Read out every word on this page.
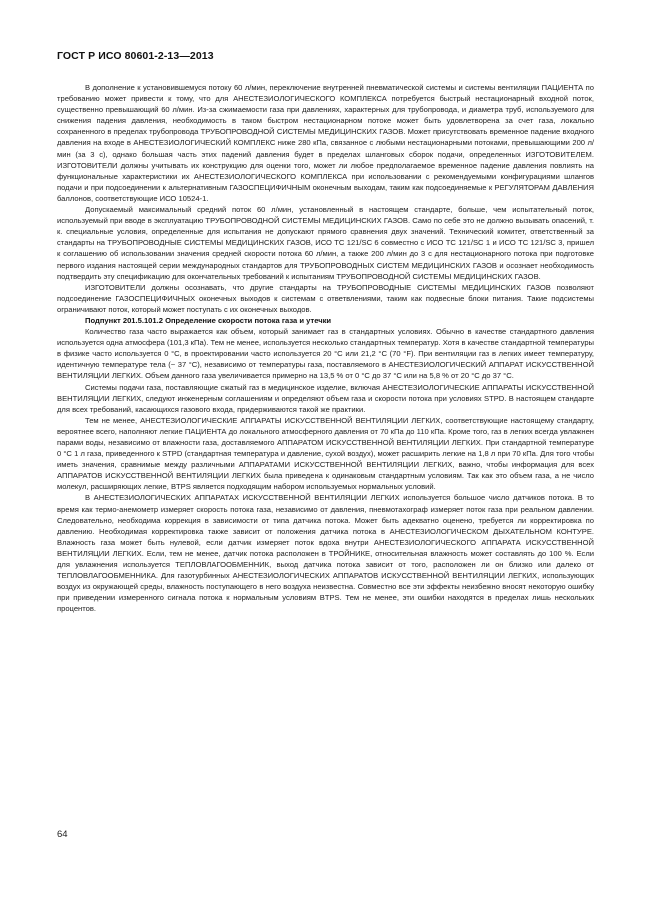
ГОСТ Р ИСО 80601-2-13—2013

В дополнение к установившемуся потоку 60 л/мин, переключение внутренней пневматической системы и системы вентиляции ПАЦИЕНТА по требованию может привести к тому, что для АНЕСТЕЗИОЛОГИЧЕСКОГО КОМПЛЕКСА потребуется быстрый нестационарный входной поток, существенно превышающий 60 л/мин. Из-за сжимаемости газа при давлениях, характерных для трубопровода, и диаметра труб, используемого для снижения падения давления, необходимость в таком быстром нестационарном потоке может быть удовлетворена за счет газа, локально сохраненного в пределах трубопровода ТРУБОПРОВОДНОЙ СИСТЕМЫ МЕДИЦИНСКИХ ГАЗОВ. Может присутствовать временное падение входного давления на входе в АНЕСТЕЗИОЛОГИЧЕСКИЙ КОМПЛЕКС ниже 280 кПа, связанное с любыми нестационарными потоками, превышающими 200 л/мин (за 3 с), однако большая часть этих падений давления будет в пределах шланговых сборок подачи, определенных ИЗГОТОВИТЕЛЕМ. ИЗГОТОВИТЕЛИ должны учитывать их конструкцию для оценки того, может ли любое предполагаемое временное падение давления повлиять на функциональные характеристики их АНЕСТЕЗИОЛОГИЧЕСКОГО КОМПЛЕКСА при использовании с рекомендуемыми конфигурациями шлангов подачи и при подсоединении к альтернативным ГАЗОСПЕЦИФИЧНЫМ оконечным выходам, таким как подсоединяемые к РЕГУЛЯТОРАМ ДАВЛЕНИЯ баллонов, соответствующие ИСО 10524-1.

Допускаемый максимальный средний поток 60 л/мин, установленный в настоящем стандарте, больше, чем испытательный поток, используемый при вводе в эксплуатацию ТРУБОПРОВОДНОЙ СИСТЕМЫ МЕДИЦИНСКИХ ГАЗОВ. Само по себе это не должно вызывать опасений, т. к. специальные условия, определенные для испытания не допускают прямого сравнения двух значений. Технический комитет, ответственный за стандарты на ТРУБОПРОВОДНЫЕ СИСТЕМЫ МЕДИЦИНСКИХ ГАЗОВ, ИСО ТС 121/SC 6 совместно с ИСО ТС 121/SC 1 и ИСО ТС 121/SC 3, пришел к соглашению об использовании значения средней скорости потока 60 л/мин, а также 200 л/мин до 3 с для нестационарного потока при подготовке первого издания настоящей серии международных стандартов для ТРУБОПРОВОДНЫХ СИСТЕМ МЕДИЦИНСКИХ ГАЗОВ и осознает необходимость подтвердить эту спецификацию для окончательных требований к испытаниям ТРУБОПРОВОДНОЙ СИСТЕМЫ МЕДИЦИНСКИХ ГАЗОВ.

ИЗГОТОВИТЕЛИ должны осознавать, что другие стандарты на ТРУБОПРОВОДНЫЕ СИСТЕМЫ МЕДИЦИНСКИХ ГАЗОВ позволяют подсоединение ГАЗОСПЕЦИФИЧНЫХ оконечных выходов к системам с ответвлениями, таким как подвесные блоки питания. Такие подсистемы ограничивают поток, который может поступать с их оконечных выходов.

Подпункт 201.5.101.2 Определение скорости потока газа и утечки

Количество газа часто выражается как объем, который занимает газ в стандартных условиях. Обычно в качестве стандартного давления используется одна атмосфера (101,3 кПа). Тем не менее, используется несколько стандартных температур. Хотя в качестве стандартной температуры в физике часто используется 0 °С, в проектировании часто используется 20 °С или 21,2 °С (70 °F). При вентиляции газ в легких имеет температуру, идентичную температуре тела (~ 37 °С), независимо от температуры газа, поставляемого в АНЕСТЕЗИОЛОГИЧЕСКИЙ АППАРАТ ИСКУССТВЕННОЙ ВЕНТИЛЯЦИИ ЛЕГКИХ. Объем данного газа увеличивается примерно на 13,5 % от 0 °С до 37 °С или на 5,8 % от 20 °С до 37 °С.

Системы подачи газа, поставляющие сжатый газ в медицинское изделие, включая АНЕСТЕЗИОЛОГИЧЕСКИЕ АППАРАТЫ ИСКУССТВЕННОЙ ВЕНТИЛЯЦИИ ЛЕГКИХ, следуют инженерным соглашениям и определяют объем газа и скорости потока при условиях STPD. В настоящем стандарте для всех требований, касающихся газового входа, придерживаются такой же практики.

Тем не менее, АНЕСТЕЗИОЛОГИЧЕСКИЕ АППАРАТЫ ИСКУССТВЕННОЙ ВЕНТИЛЯЦИИ ЛЕГКИХ, соответствующие настоящему стандарту, вероятнее всего, наполняют легкие ПАЦИЕНТА до локального атмосферного давления от 70 кПа до 110 кПа. Кроме того, газ в легких всегда увлажнен парами воды, независимо от влажности газа, доставляемого АППАРАТОМ ИСКУССТВЕННОЙ ВЕНТИЛЯЦИИ ЛЕГКИХ. При стандартной температуре 0 °С 1 л газа, приведенного к STPD (стандартная температура и давление, сухой воздух), может расширить легкие на 1,8 л при 70 кПа. Для того чтобы иметь значения, сравнимые между различными АППАРАТАМИ ИСКУССТВЕННОЙ ВЕНТИЛЯЦИИ ЛЕГКИХ, важно, чтобы информация для всех АППАРАТОВ ИСКУССТВЕННОЙ ВЕНТИЛЯЦИИ ЛЕГКИХ была приведена к одинаковым стандартным условиям. Так как это объем газа, а не число молекул, расширяющих легкие, BTPS является подходящим набором используемых нормальных условий.

В АНЕСТЕЗИОЛОГИЧЕСКИХ АППАРАТАХ ИСКУССТВЕННОЙ ВЕНТИЛЯЦИИ ЛЕГКИХ используется большое число датчиков потока. В то время как термо-анемометр измеряет скорость потока газа, независимо от давления, пневмотахограф измеряет поток газа при реальном давлении. Следовательно, необходима коррекция в зависимости от типа датчика потока. Может быть адекватно оценено, требуется ли корректировка по давлению. Необходимая корректировка также зависит от положения датчика потока в АНЕСТЕЗИОЛОГИЧЕСКОМ ДЫХАТЕЛЬНОМ КОНТУРЕ. Влажность газа может быть нулевой, если датчик измеряет поток вдоха внутри АНЕСТЕЗИОЛОГИЧЕСКОГО АППАРАТА ИСКУССТВЕННОЙ ВЕНТИЛЯЦИИ ЛЕГКИХ. Если, тем не менее, датчик потока расположен в ТРОЙНИКЕ, относительная влажность может составлять до 100 %. Если для увлажнения используется ТЕПЛОВЛАГООБМЕННИК, выход датчика потока зависит от того, расположен ли он близко или далеко от ТЕПЛОВЛАГООБМЕННИКА. Для газотурбинных АНЕСТЕЗИОЛОГИЧЕСКИХ АППАРАТОВ ИСКУССТВЕННОЙ ВЕНТИЛЯЦИИ ЛЕГКИХ, использующих воздух из окружающей среды, влажность поступающего в него воздуха неизвестна. Совместно все эти эффекты неизбежно вносят некоторую ошибку при приведении измеренного сигнала потока к нормальным условиям BTPS. Тем не менее, эти ошибки находятся в пределах лишь нескольких процентов.

64
